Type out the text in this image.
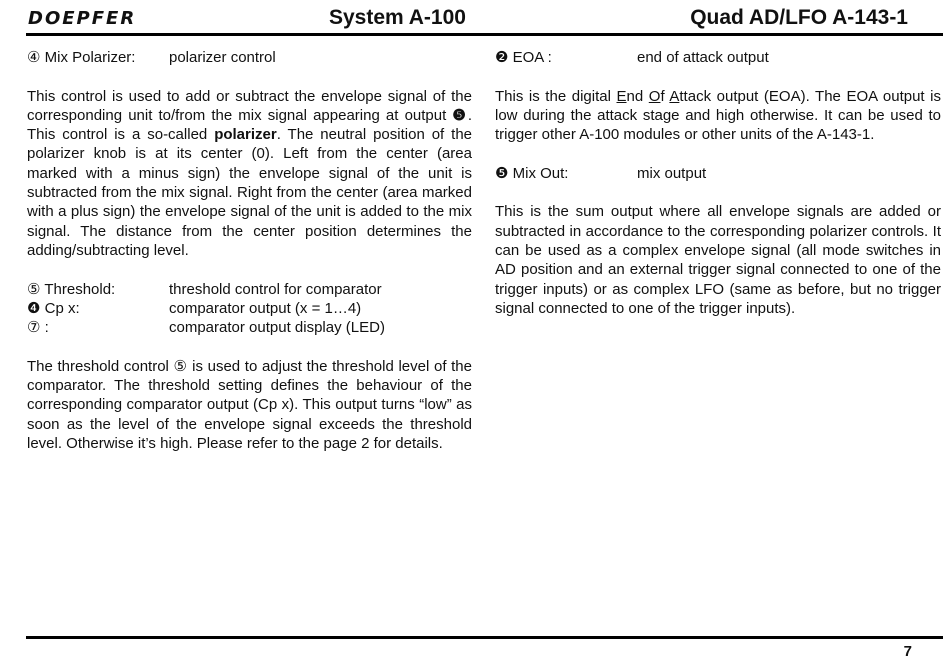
DOEPFER	System A-100	Quad AD/LFO A-143-1
④ Mix Polarizer:	polarizer control

This control is used to add or subtract the envelope signal of the corresponding unit to/from the mix signal appearing at output ❺. This control is a so-called polarizer. The neutral position of the polarizer knob is at its center (0). Left from the center (area marked with a minus sign) the envelope signal of the unit is subtracted from the mix signal. Right from the center (area marked with a plus sign) the envelope signal of the unit is added to the mix signal. The distance from the center position determines the adding/subtracting level.

⑤ Threshold:	threshold control for comparator
❹ Cp x:	comparator output (x = 1…4)
⑦ :	comparator output display (LED)

The threshold control ⑤ is used to adjust the threshold level of the comparator. The threshold setting defines the behaviour of the corresponding comparator output (Cp x). This output turns “low” as soon as the level of the envelope signal exceeds the threshold level. Otherwise it’s high. Please refer to the page 2 for details.

❷ EOA :	end of attack output

This is the digital End Of Attack output (EOA). The EOA output is low during the attack stage and high otherwise. It can be used to trigger other A-100 modules or other units of the A-143-1.

❺ Mix Out:	mix output

This is the sum output where all envelope signals are added or subtracted in accordance to the corresponding polarizer controls. It can be used as a complex envelope signal (all mode switches in AD position and an external trigger signal connected to one of the trigger inputs) or as complex LFO (same as before, but no trigger signal connected to one of the trigger inputs).

7
